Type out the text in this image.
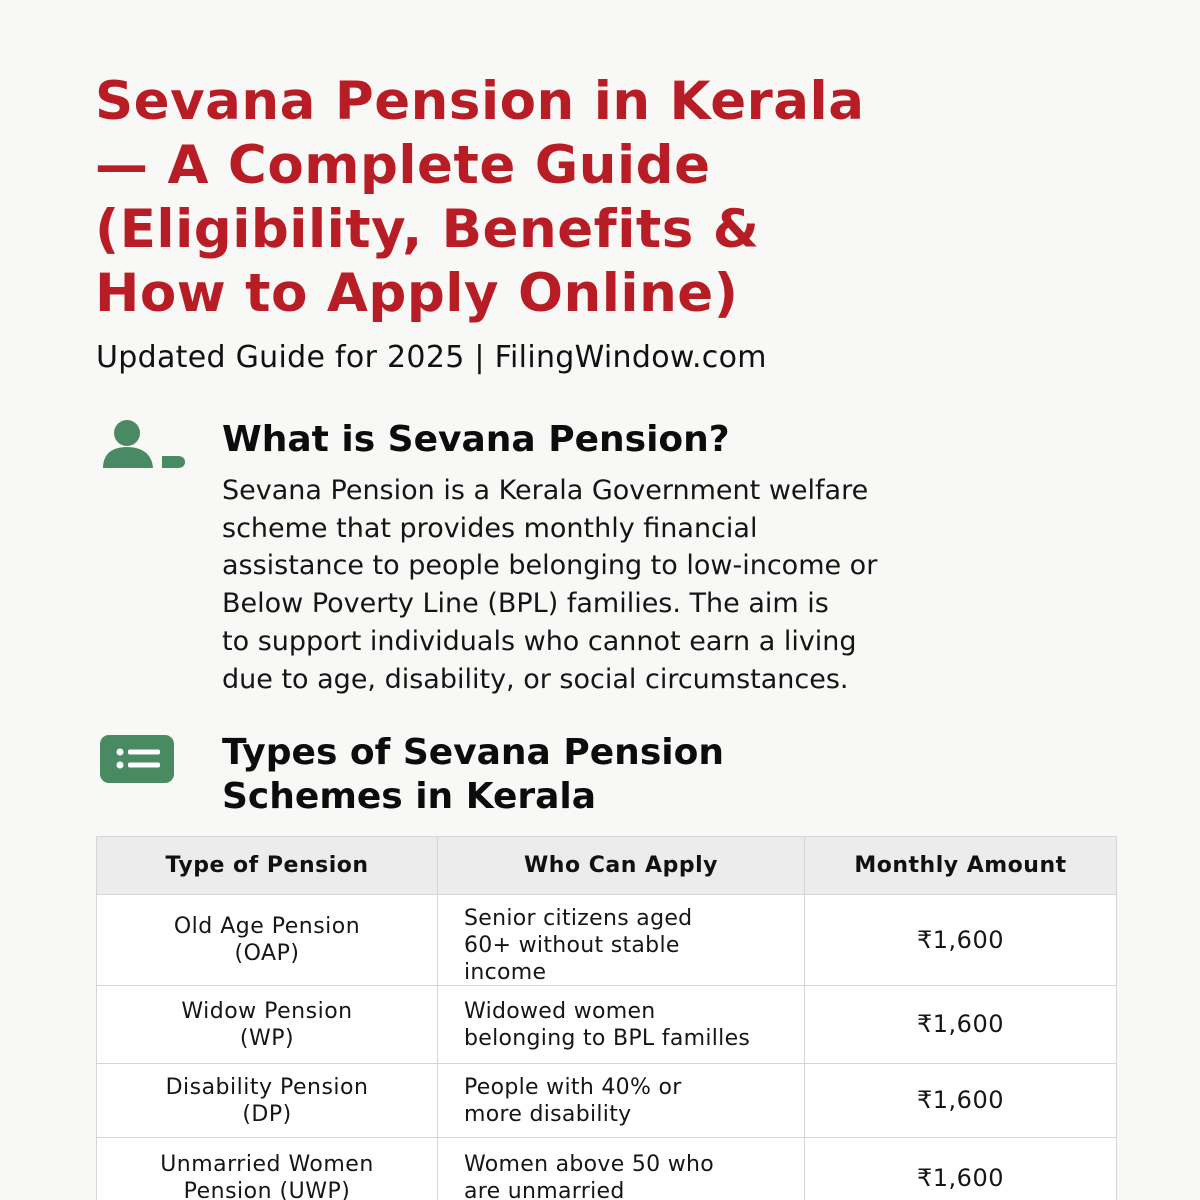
Sevana Pension in Kerala
— A Complete Guide
(Eligibility, Benefits &
How to Apply Online)
Updated Guide for 2025 | FilingWindow.com
What is Sevana Pension?
Sevana Pension is a Kerala Government welfare
scheme that provides monthly financial
assistance to people belonging to low-income or
Below Poverty Line (BPL) families. The aim is
to support individuals who cannot earn a living
due to age, disability, or social circumstances.
Types of Sevana Pension
Schemes in Kerala
Type of Pension	Who Can Apply	Monthly Amount

Old Age Pension
(OAP)	Senior citizens aged
60+ without stable
income	₹1,600

Widow Pension
(WP)	Widowed women
belonging to BPL familles	₹1,600

Disability Pension
(DP)	People with 40% or
more disability	₹1,600

Unmarried Women
Pension (UWP)	Women above 50 who
are unmarried	₹1,600
